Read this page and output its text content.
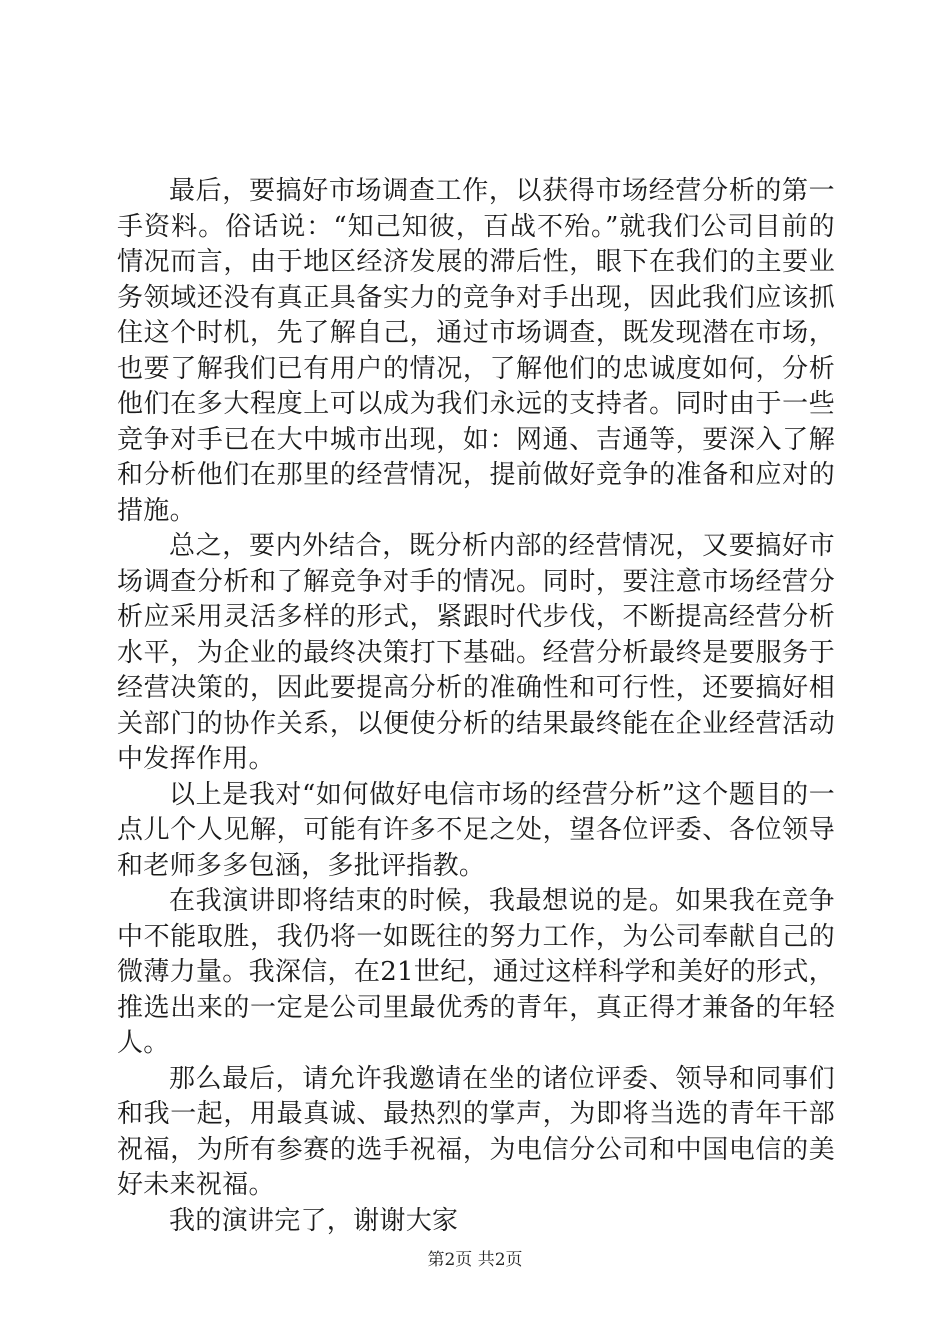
最后，要搞好市场调查工作，以获得市场经营分析的第一手资料。俗话说：“知己知彼，百战不殆。”就我们公司目前的情况而言，由于地区经济发展的滞后性，眼下在我们的主要业务领域还没有真正具备实力的竞争对手出现，因此我们应该抓住这个时机，先了解自己，通过市场调查，既发现潜在市场，也要了解我们已有用户的情况，了解他们的忠诚度如何，分析他们在多大程度上可以成为我们永远的支持者。同时由于一些竞争对手已在大中城市出现，如：网通、吉通等，要深入了解和分析他们在那里的经营情况，提前做好竞争的准备和应对的措施。

总之，要内外结合，既分析内部的经营情况，又要搞好市场调查分析和了解竞争对手的情况。同时，要注意市场经营分析应采用灵活多样的形式，紧跟时代步伐，不断提高经营分析水平，为企业的最终决策打下基础。经营分析最终是要服务于经营决策的，因此要提高分析的准确性和可行性，还要搞好相关部门的协作关系，以便使分析的结果最终能在企业经营活动中发挥作用。

以上是我对“如何做好电信市场的经营分析”这个题目的一点儿个人见解，可能有许多不足之处，望各位评委、各位领导和老师多多包涵，多批评指教。

在我演讲即将结束的时候，我最想说的是。如果我在竞争中不能取胜，我仍将一如既往的努力工作，为公司奉献自己的微薄力量。我深信，在21世纪，通过这样科学和美好的形式，推选出来的一定是公司里最优秀的青年，真正得才兼备的年轻人。

那么最后，请允许我邀请在坐的诸位评委、领导和同事们和我一起，用最真诚、最热烈的掌声，为即将当选的青年干部祝福，为所有参赛的选手祝福，为电信分公司和中国电信的美好未来祝福。

我的演讲完了，谢谢大家

第2页 共2页
